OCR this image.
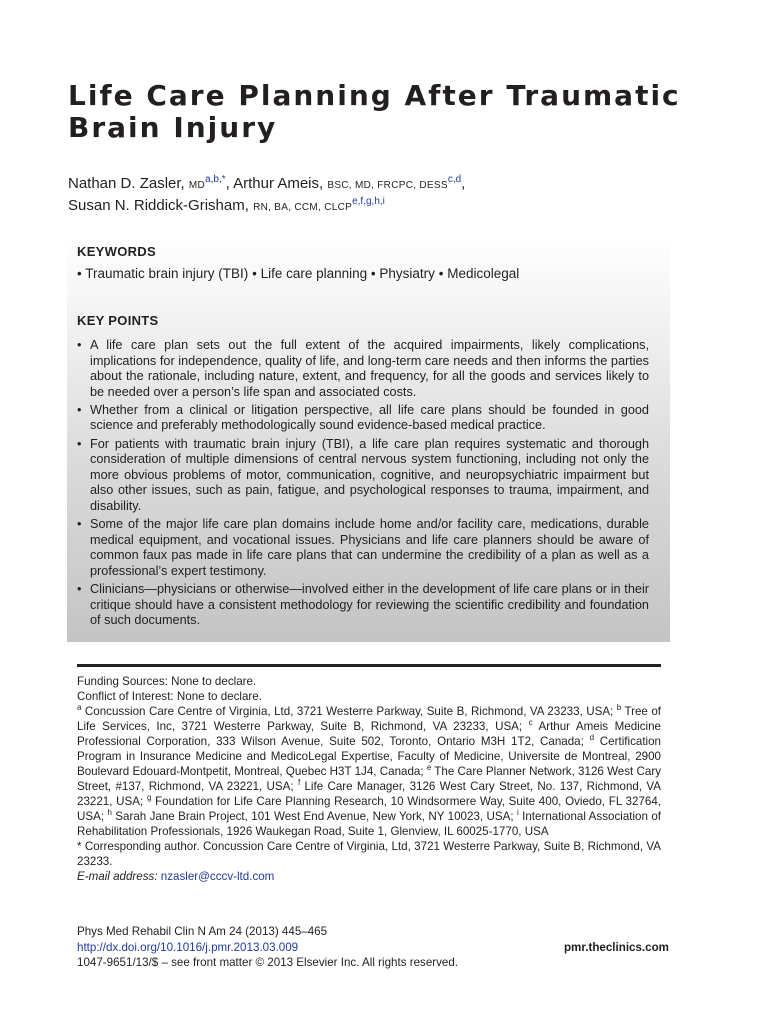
Life Care Planning After Traumatic
Brain Injury
Nathan D. Zasler, MD$^{a,b,*}$, Arthur Ameis, BSC, MD, FRCPC, DESS$^{c,d}$,
Susan N. Riddick-Grisham, RN, BA, CCM, CLCP$^{e,f,g,h,i}$
KEYWORDS
• Traumatic brain injury (TBI) • Life care planning • Physiatry • Medicolegal
KEY POINTS
• A life care plan sets out the full extent of the acquired impairments, likely complications, implications for independence, quality of life, and long-term care needs and then informs the parties about the rationale, including nature, extent, and frequency, for all the goods and services likely to be needed over a person’s life span and associated costs.
• Whether from a clinical or litigation perspective, all life care plans should be founded in good science and preferably methodologically sound evidence-based medical practice.
• For patients with traumatic brain injury (TBI), a life care plan requires systematic and thorough consideration of multiple dimensions of central nervous system functioning, including not only the more obvious problems of motor, communication, cognitive, and neuropsychiatric impairment but also other issues, such as pain, fatigue, and psychological responses to trauma, impairment, and disability.
• Some of the major life care plan domains include home and/or facility care, medications, durable medical equipment, and vocational issues. Physicians and life care planners should be aware of common faux pas made in life care plans that can undermine the credibility of a plan as well as a professional’s expert testimony.
• Clinicians—physicians or otherwise—involved either in the development of life care plans or in their critique should have a consistent methodology for reviewing the scientific credibility and foundation of such documents.

Funding Sources: None to declare.

Conflict of Interest: None to declare.

$^a$ Concussion Care Centre of Virginia, Ltd, 3721 Westerre Parkway, Suite B, Richmond, VA 23233, USA; $^b$ Tree of Life Services, Inc, 3721 Westerre Parkway, Suite B, Richmond, VA 23233, USA; $^c$ Arthur Ameis Medicine Professional Corporation, 333 Wilson Avenue, Suite 502, Toronto, Ontario M3H 1T2, Canada; $^d$ Certification Program in Insurance Medicine and MedicoLegal Expertise, Faculty of Medicine, Universite de Montreal, 2900 Boulevard Edouard-Montpetit, Montreal, Quebec H3T 1J4, Canada; $^e$ The Care Planner Network, 3126 West Cary Street, #137, Richmond, VA 23221, USA; $^f$ Life Care Manager, 3126 West Cary Street, No. 137, Richmond, VA 23221, USA; $^g$ Foundation for Life Care Planning Research, 10 Windsormere Way, Suite 400, Oviedo, FL 32764, USA; $^h$ Sarah Jane Brain Project, 101 West End Avenue, New York, NY 10023, USA; $^i$ International Association of Rehabilitation Professionals, 1926 Waukegan Road, Suite 1, Glenview, IL 60025-1770, USA

* Corresponding author. Concussion Care Centre of Virginia, Ltd, 3721 Westerre Parkway, Suite B, Richmond, VA 23233.

E-mail address: nzasler@cccv-ltd.com

Phys Med Rehabil Clin N Am 24 (2013) 445–465

http://dx.doi.org/10.1016/j.pmr.2013.03.009

1047-9651/13/$ – see front matter © 2013 Elsevier Inc. All rights reserved.

pmr.theclinics.com
